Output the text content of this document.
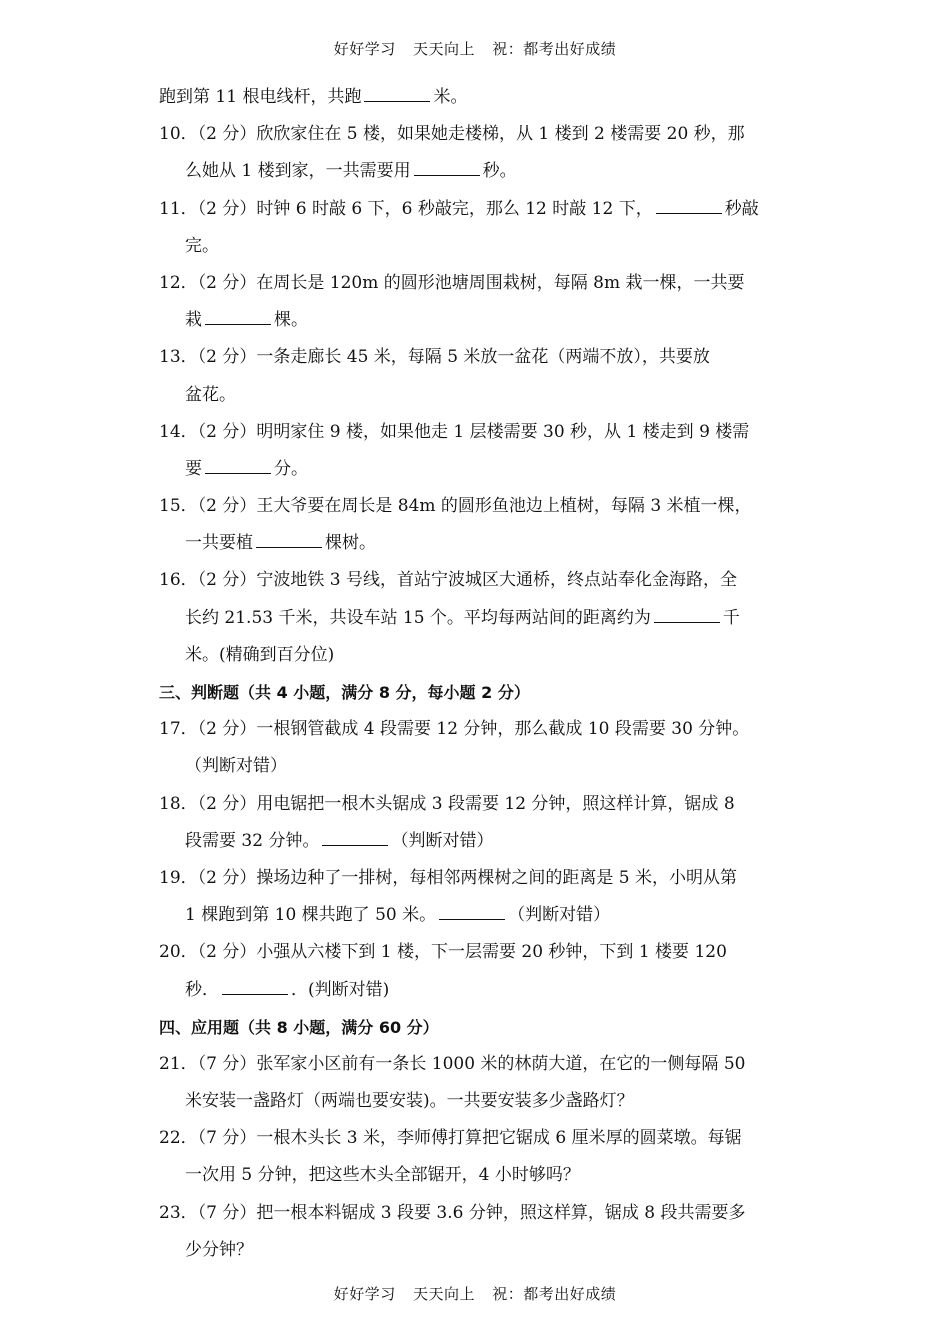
好好学习 天天向上 祝：都考出好成绩
跑到第 11 根电线杆，共跑	米。
10．（2 分）欣欣家住在 5 楼，如果她走楼梯，从 1 楼到 2 楼需要 20 秒，那
么她从 1 楼到家，一共需要用	秒。
11．（2 分）时钟 6 时敲 6 下，6 秒敲完，那么 12 时敲 12 下，	秒敲
完。
12．（2 分）在周长是 120m 的圆形池塘周围栽树，每隔 8m 栽一棵，一共要
栽	棵。
13．（2 分）一条走廊长 45 米，每隔 5 米放一盆花（两端不放），共要放
盆花。
14．（2 分）明明家住 9 楼，如果他走 1 层楼需要 30 秒，从 1 楼走到 9 楼需
要	分。
15．（2 分）王大爷要在周长是 84m 的圆形鱼池边上植树，每隔 3 米植一棵，
一共要植	棵树。
16．（2 分）宁波地铁 3 号线，首站宁波城区大通桥，终点站奉化金海路，全
长约 21.53 千米，共设车站 15 个。平均每两站间的距离约为	千
米。(精确到百分位)
三、判断题（共 4 小题，满分 8 分，每小题 2 分）
17．（2 分）一根钢管截成 4 段需要 12 分钟，那么截成 10 段需要 30 分钟。
（判断对错）
18．（2 分）用电锯把一根木头锯成 3 段需要 12 分钟，照这样计算，锯成 8
段需要 32 分钟。	（判断对错）
19．（2 分）操场边种了一排树，每相邻两棵树之间的距离是 5 米，小明从第
1 棵跑到第 10 棵共跑了 50 米。	（判断对错）
20．（2 分）小强从六楼下到 1 楼，下一层需要 20 秒钟，下到 1 楼要 120
秒．	．(判断对错)
四、应用题（共 8 小题，满分 60 分）
21．（7 分）张军家小区前有一条长 1000 米的林荫大道，在它的一侧每隔 50
米安装一盏路灯（两端也要安装)。一共要安装多少盏路灯？
22．（7 分）一根木头长 3 米，李师傅打算把它锯成 6 厘米厚的圆菜墩。每锯
一次用 5 分钟，把这些木头全部锯开，4 小时够吗？
23．（7 分）把一根本料锯成 3 段要 3.6 分钟，照这样算，锯成 8 段共需要多
少分钟？
好好学习 天天向上 祝：都考出好成绩
